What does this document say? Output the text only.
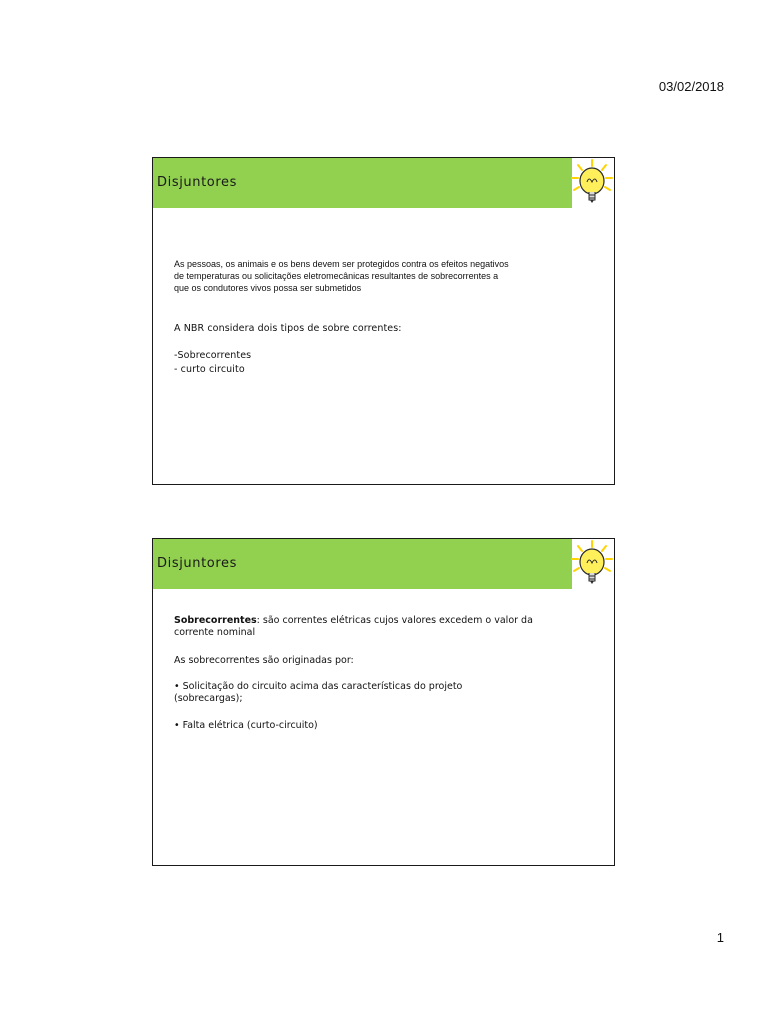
03/02/2018
Disjuntores
As pessoas, os animais e os bens devem ser protegidos contra os efeitos negativos
de temperaturas ou solicitações eletromecânicas resultantes de sobrecorrentes a
que os condutores vivos possa ser submetidos
A NBR considera dois tipos de sobre correntes:
-Sobrecorrentes
- curto circuito
Disjuntores
Sobrecorrentes: são correntes elétricas cujos valores excedem o valor da
corrente nominal
As sobrecorrentes são originadas por:
• Solicitação do circuito acima das características do projeto
(sobrecargas);
• Falta elétrica (curto-circuito)
1
